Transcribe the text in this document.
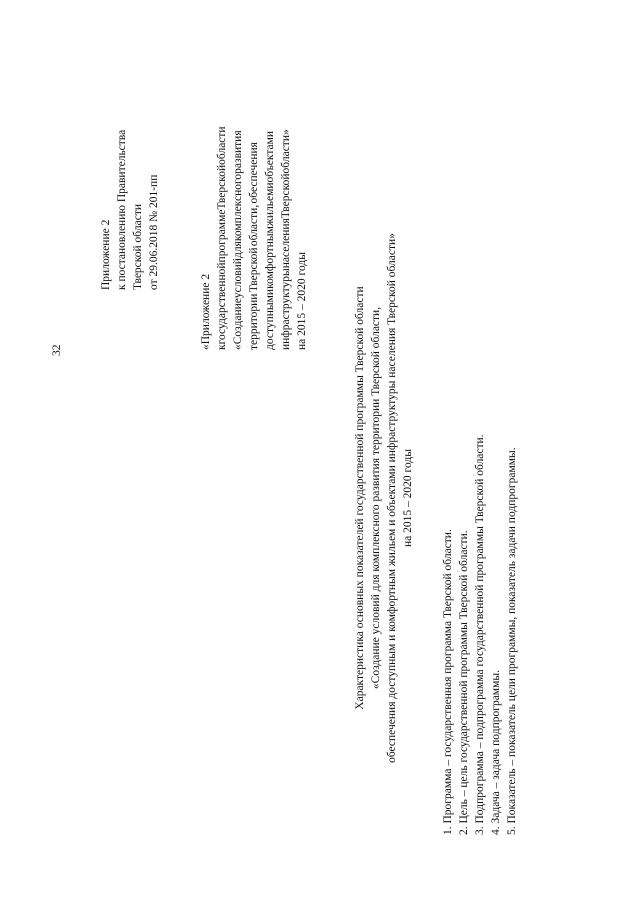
32
Приложение 2 к постановлению Правительства Тверской области от 29.06.2018 № 201-пп
«Приложение 2 к
государственной
программе
Тверской
области
«Создание
условий
для
комплексного
развития
территории
Тверской
области,
обеспечения
доступным
и
комфортным
жильем
и
объектами
инфраструктуры
населения
Тверской
области»
на 2015 – 2020 годы	Характеристика основных показателей государственной программы Тверской области «Создание условий для комплексного развития территории Тверской области, обеспечения доступным и комфортным жильем и объектами инфраструктуры населения Тверской области» на 2015 – 2020 годы
1. Программа – государственная программа Тверской области. 2. Цель – цель государственной программы Тверской области. 3. Подпрограмма – подпрограмма государственной программы Тверской области. 4. Задача – задача подпрограммы. 5. Показатель – показатель цели программы, показатель задачи подпрограммы.
